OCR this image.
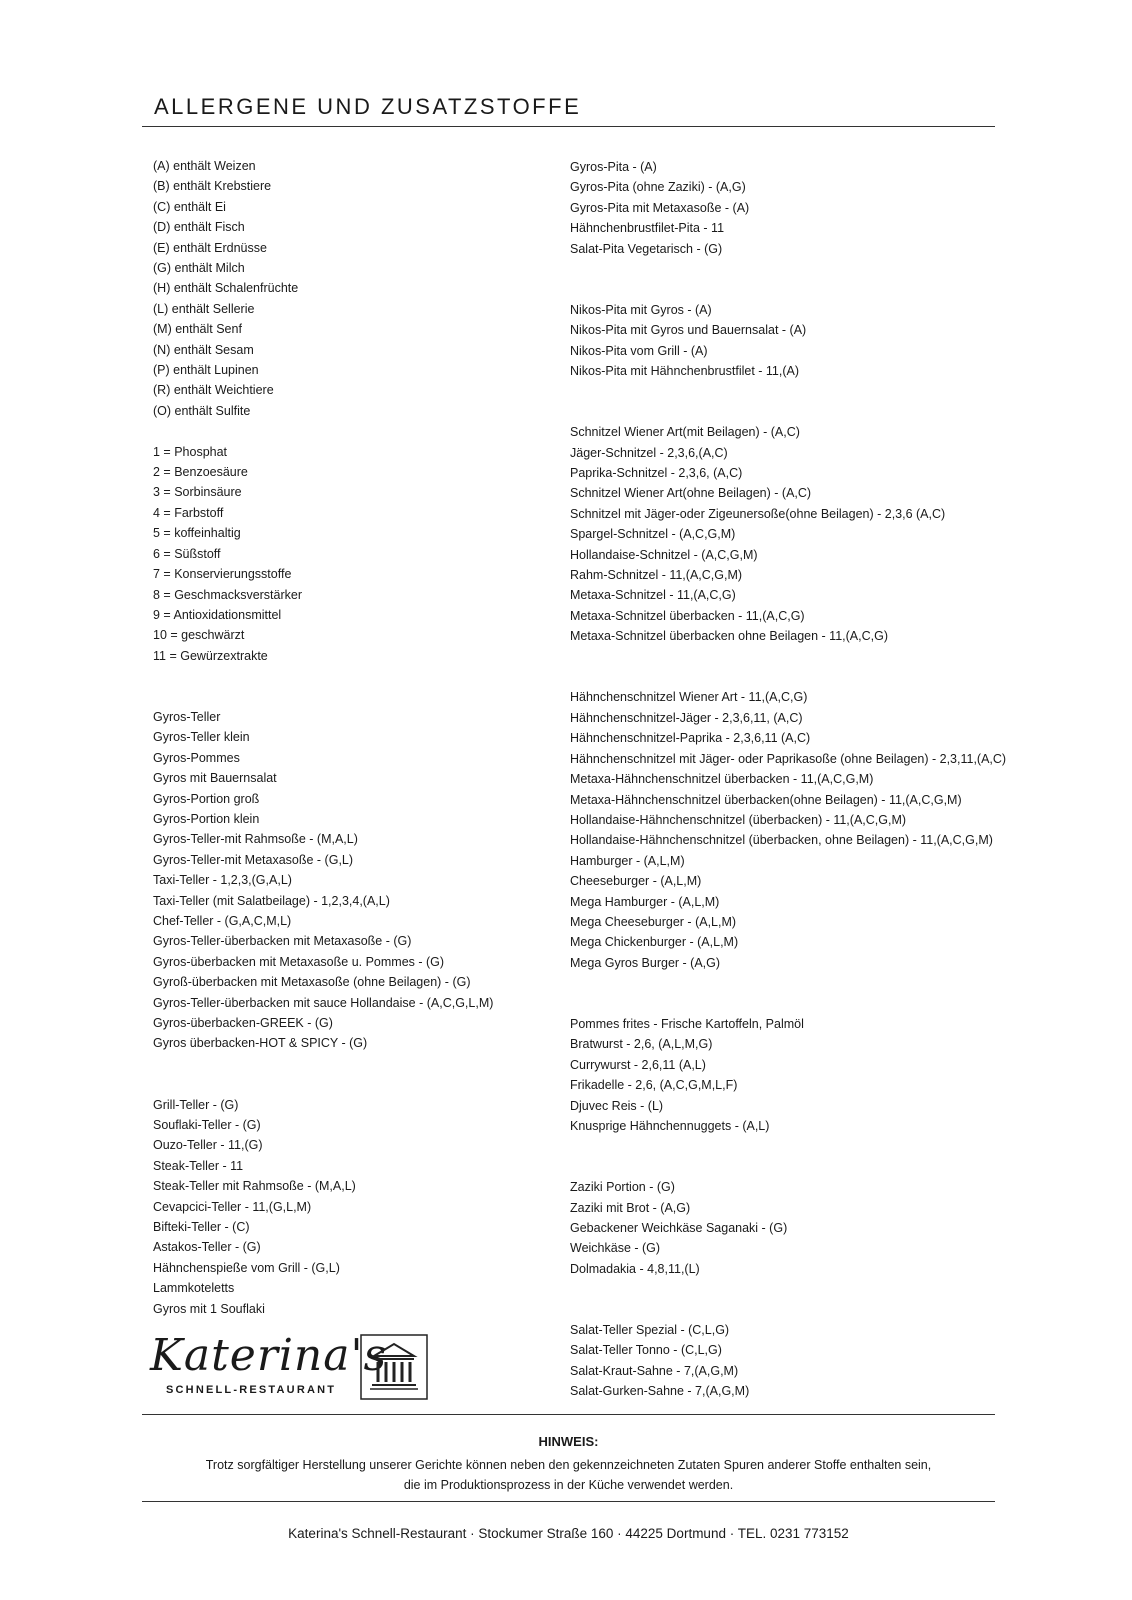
ALLERGENE UND ZUSATZSTOFFE
(A) enthält Weizen
(B) enthält Krebstiere
(C) enthält Ei
(D) enthält Fisch
(E) enthält Erdnüsse
(G) enthält Milch
(H) enthält Schalenfrüchte
(L) enthält Sellerie
(M) enthält Senf
(N) enthält Sesam
(P) enthält Lupinen
(R) enthält Weichtiere
(O) enthält Sulfite
1 = Phosphat
2 = Benzoesäure
3 = Sorbinsäure
4 = Farbstoff
5 = koffeinhaltig
6 = Süßstoff
7 = Konservierungsstoffe
8 = Geschmacksverstärker
9 = Antioxidationsmittel
10 = geschwärzt
11 = Gewürzextrakte
Gyros-Teller
Gyros-Teller klein
Gyros-Pommes
Gyros mit Bauernsalat
Gyros-Portion groß
Gyros-Portion klein
Gyros-Teller-mit Rahmsoße - (M,A,L)
Gyros-Teller-mit Metaxasoße - (G,L)
Taxi-Teller - 1,2,3,(G,A,L)
Taxi-Teller (mit Salatbeilage) - 1,2,3,4,(A,L)
Chef-Teller - (G,A,C,M,L)
Gyros-Teller-überbacken mit Metaxasoße - (G)
Gyros-überbacken mit Metaxasoße u. Pommes - (G)
Gyroß-überbacken mit Metaxasoße (ohne Beilagen) - (G)
Gyros-Teller-überbacken mit sauce Hollandaise - (A,C,G,L,M)
Gyros-überbacken-GREEK - (G)
Gyros überbacken-HOT & SPICY - (G)
Grill-Teller - (G)
Souflaki-Teller - (G)
Ouzo-Teller - 11,(G)
Steak-Teller - 11
Steak-Teller mit Rahmsoße - (M,A,L)
Cevapcici-Teller - 11,(G,L,M)
Bifteki-Teller - (C)
Astakos-Teller - (G)
Hähnchenspieße vom Grill - (G,L)
Lammkoteletts
Gyros mit 1 Souflaki
Gyros-Pita - (A)
Gyros-Pita (ohne Zaziki) - (A,G)
Gyros-Pita mit Metaxasoße - (A)
Hähnchenbrustfilet-Pita - 11
Salat-Pita Vegetarisch - (G)
Nikos-Pita mit Gyros - (A)
Nikos-Pita mit Gyros und Bauernsalat - (A)
Nikos-Pita vom Grill - (A)
Nikos-Pita mit Hähnchenbrustfilet - 11,(A)
Schnitzel Wiener Art(mit Beilagen) - (A,C)
Jäger-Schnitzel - 2,3,6,(A,C)
Paprika-Schnitzel - 2,3,6, (A,C)
Schnitzel Wiener Art(ohne Beilagen) - (A,C)
Schnitzel mit Jäger-oder Zigeunersoße(ohne Beilagen) - 2,3,6 (A,C)
Spargel-Schnitzel - (A,C,G,M)
Hollandaise-Schnitzel - (A,C,G,M)
Rahm-Schnitzel - 11,(A,C,G,M)
Metaxa-Schnitzel - 11,(A,C,G)
Metaxa-Schnitzel überbacken - 11,(A,C,G)
Metaxa-Schnitzel überbacken ohne Beilagen - 11,(A,C,G)
Hähnchenschnitzel Wiener Art - 11,(A,C,G)
Hähnchenschnitzel-Jäger - 2,3,6,11, (A,C)
Hähnchenschnitzel-Paprika - 2,3,6,11 (A,C)
Hähnchenschnitzel mit Jäger- oder Paprikasoße (ohne Beilagen) - 2,3,11,(A,C)
Metaxa-Hähnchenschnitzel überbacken - 11,(A,C,G,M)
Metaxa-Hähnchenschnitzel überbacken(ohne Beilagen) - 11,(A,C,G,M)
Hollandaise-Hähnchenschnitzel (überbacken) - 11,(A,C,G,M)
Hollandaise-Hähnchenschnitzel (überbacken, ohne Beilagen) - 11,(A,C,G,M)
Hamburger - (A,L,M)
Cheeseburger - (A,L,M)
Mega Hamburger - (A,L,M)
Mega Cheeseburger - (A,L,M)
Mega Chickenburger - (A,L,M)
Mega Gyros Burger - (A,G)
Pommes frites - Frische Kartoffeln, Palmöl
Bratwurst - 2,6, (A,L,M,G)
Currywurst - 2,6,11 (A,L)
Frikadelle - 2,6, (A,C,G,M,L,F)
Djuvec Reis - (L)
Knusprige Hähnchennuggets - (A,L)
Zaziki Portion - (G)
Zaziki mit Brot - (A,G)
Gebackener Weichkäse Saganaki - (G)
Weichkäse - (G)
Dolmadakia - 4,8,11,(L)
Salat-Teller Spezial - (C,L,G)
Salat-Teller Tonno - (C,L,G)
Salat-Kraut-Sahne - 7,(A,G,M)
Salat-Gurken-Sahne - 7,(A,G,M)
Katerina's
SCHNELL-RESTAURANT
HINWEIS:
Trotz sorgfältiger Herstellung unserer Gerichte können neben den gekennzeichneten Zutaten Spuren anderer Stoffe enthalten sein,
die im Produktionsprozess in der Küche verwendet werden.
Katerina's Schnell-Restaurant · Stockumer Straße 160 · 44225 Dortmund · TEL. 0231 773152
